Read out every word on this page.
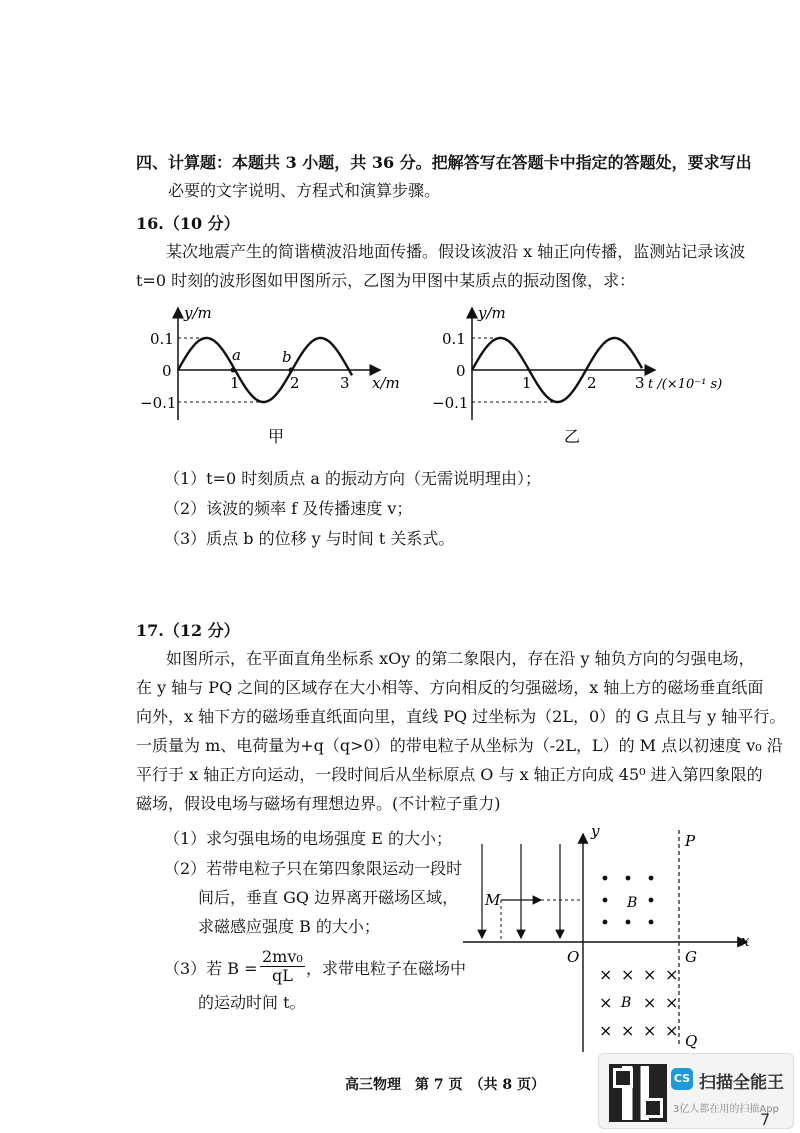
四、计算题：本题共 3 小题，共 36 分。把解答写在答题卡中指定的答题处，要求写出
必要的文字说明、方程式和演算步骤。
16.（10 分）
某次地震产生的简谐横波沿地面传播。假设该波沿 x 轴正向传播，监测站记录该波
t=0 时刻的波形图如甲图所示，乙图为甲图中某质点的振动图像，求：
a	b
y/m
x/m
0.1
0
−0.1
1	2	3
甲
y/m
t /(×10⁻¹ s)
0.1
0
−0.1
1	2	3
乙
（1）t=0 时刻质点 a 的振动方向（无需说明理由）；
（2）该波的频率 f 及传播速度 v；
（3）质点 b 的位移 y 与时间 t 关系式。
17.（12 分）
如图所示，在平面直角坐标系 xOy 的第二象限内，存在沿 y 轴负方向的匀强电场，
在 y 轴与 PQ 之间的区域存在大小相等、方向相反的匀强磁场，x 轴上方的磁场垂直纸面
向外，x 轴下方的磁场垂直纸面向里，直线 PQ 过坐标为（2L，0）的 G 点且与 y 轴平行。
一质量为 m、电荷量为+q（q>0）的带电粒子从坐标为（-2L，L）的 M 点以初速度 v₀ 沿
平行于 x 轴正方向运动，一段时间后从坐标原点 O 与 x 轴正方向成 45⁰ 进入第四象限的
磁场，假设电场与磁场有理想边界。(不计粒子重力)
（1）求匀强电场的电场强度 E 的大小；
（2）若带电粒子只在第四象限运动一段时
间后，垂直 GQ 边界离开磁场区域，
求磁感应强度 B 的大小；
（3）若 $B = \frac{\text{2mv₀}}{qL}$ ，求带电粒子在磁场中
的运动时间 t。
× × × ×
× × ×
× × × ×
y
x
O
M
P
G
Q
B
B
高三物理　第 7 页　（共 8 页）	CS 扫描全能王
3亿人都在用的扫描App
7
